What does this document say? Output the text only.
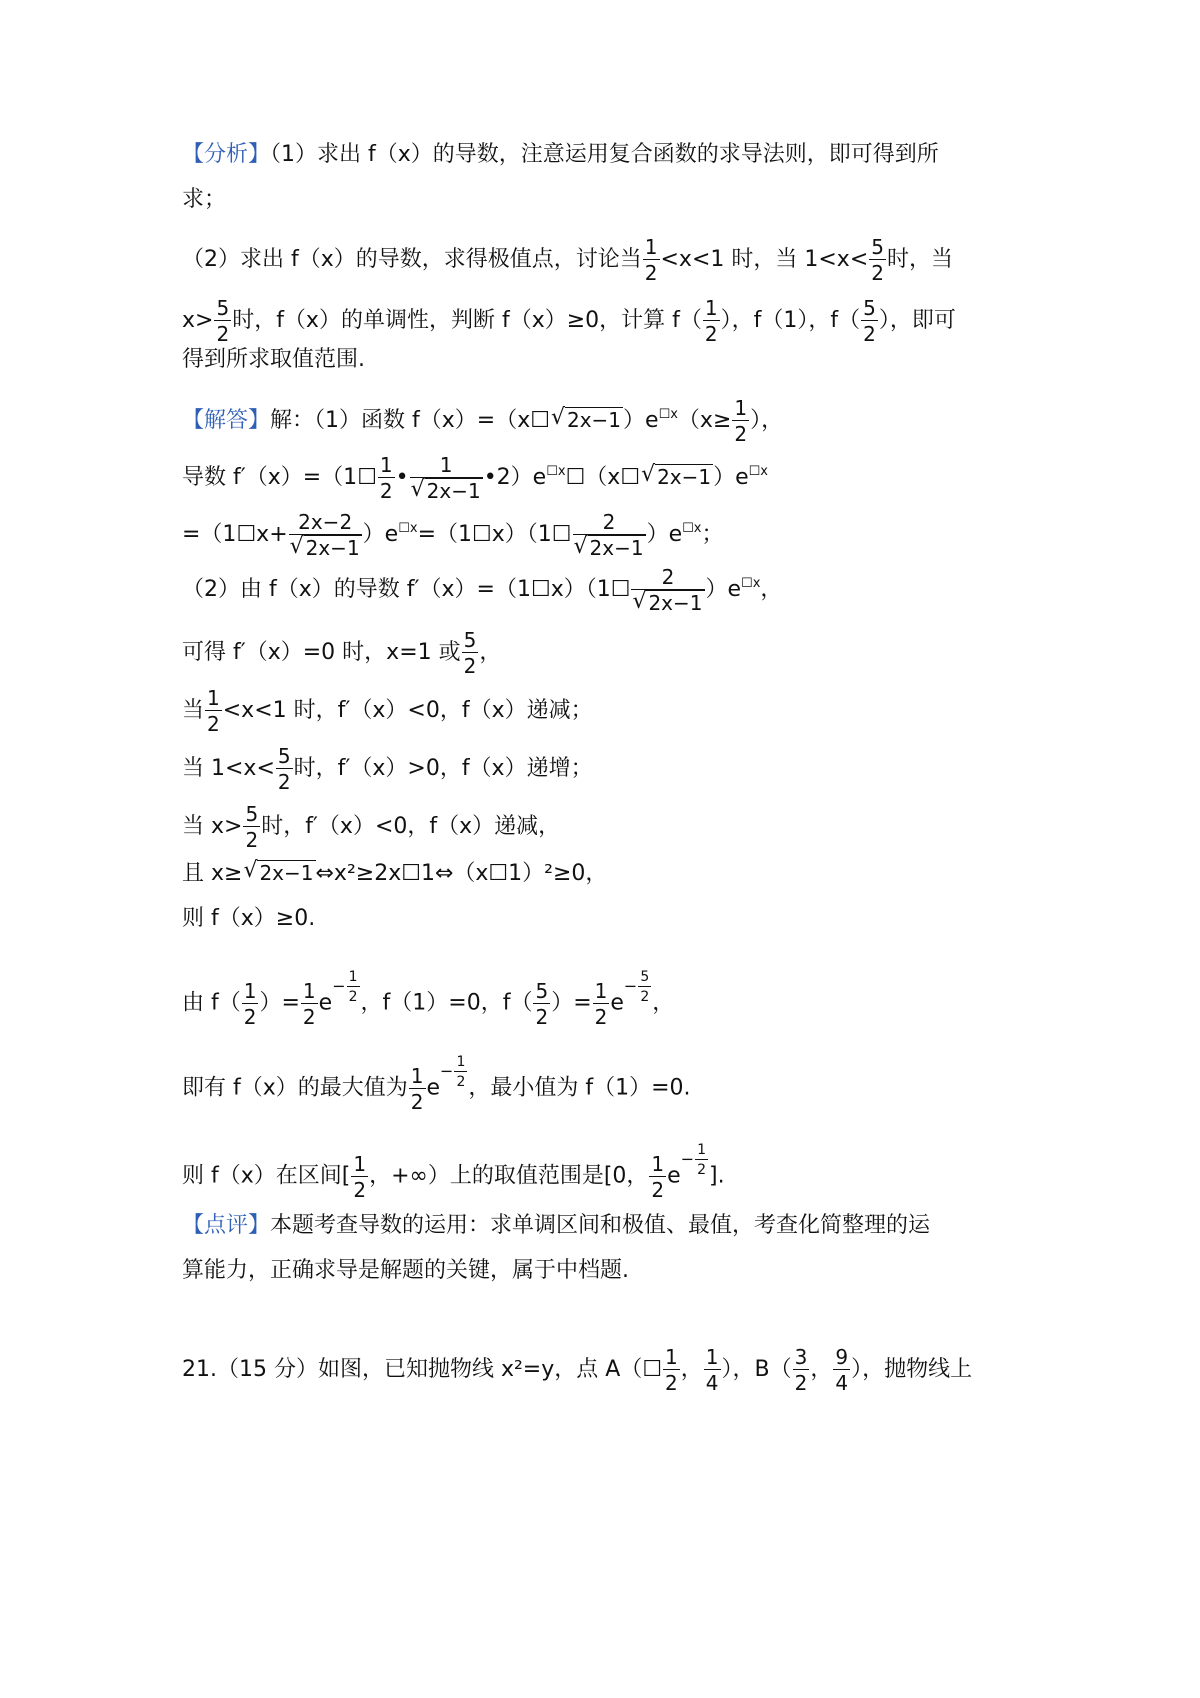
【分析】（1）求出 f（x）的导数，注意运用复合函数的求导法则，即可得到所
求；
（2）求出 f（x）的导数，求得极值点，讨论当 $\frac{1}{2} <x<1$ 时，当 $1<x< \frac{5}{2}$ 时，当
$x> \frac{5}{2}$ 时，f（x）的单调性，判断 f（x）≥0，计算 $f( \frac{1}{2}$ ），f（1），$f( \frac{5}{2}$ ），即可
得到所求取值范围.
【解答】解：（1）函数 f（x）=（x☐√ $2x-1)e^{☐x}(x\ge \frac{1}{2}$ ），
导数 f′（x）=（1☐ $\frac{1}{2}$ • 1
√ 2x−1 $•2)e^{☐x}☐(x☐√$ $2x-1)e^{☐x}$
=（1☐x+ 2x−2
√ 2x−1 ）$e^{☐x}=(1☐x)(1☐$ 2
√ 2x−1 ）$e^{☐x}$；
（2）由 f（x）的导数 f′（x）=（1☐x）（1☐ 2
√ 2x−1 ）$e^{☐x}$，
可得 f′（x）=0 时，x=1 或 $\frac{5}{2}$ ，
当 $\frac{1}{2} <x<1$ 时，f′（x）<0，f（x）递减；
当 $1<x< \frac{5}{2}$ 时，f′（x）>0，f（x）递增；
当 $x> \frac{5}{2}$ 时，f′（x）<0，f（x）递减，
且 x≥√ 2x−1⇔x²≥2x☐1⇔（x☐1）²≥0，
则 f（x）≥0.
由 $f( \frac{1}{2}$ ）= $\frac{1}{2} e- \frac{1}{2}$ ，f（1）=0，$f( \frac{5}{2}$ ）= $\frac{1}{2} e- \frac{5}{2}$ ，
即有 f（x）的最大值为 $\frac{1}{2} e- \frac{1}{2}$ ，最小值为 f（1）=0.
则 f（x）在区间[ $\frac{1}{2}$ ，+∞）上的取值范围是[0， $\frac{1}{2} e- \frac{1}{2}$ ].
【点评】本题考查导数的运用：求单调区间和极值、最值，考查化简整理的运
算能力，正确求导是解题的关键，属于中档题.
21.（15 分）如图，已知抛物线 x²=y，点 A（☐ $\frac{1}{2}$ ， $\frac{1}{4}$ ），$B( \frac{3}{2}$ ， $\frac{9}{4}$ ），抛物线上
